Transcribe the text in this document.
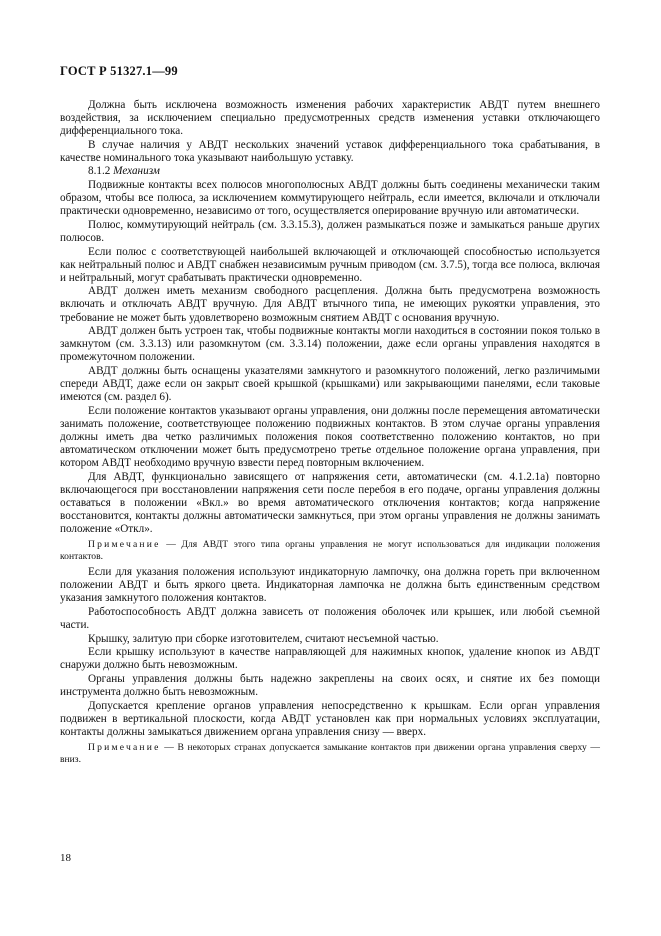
ГОСТ Р 51327.1—99

Должна быть исключена возможность изменения рабочих характеристик АВДТ путем внешнего воздействия, за исключением специально предусмотренных средств изменения уставки отключающего дифференциального тока.

В случае наличия у АВДТ нескольких значений уставок дифференциального тока срабатывания, в качестве номинального тока указывают наибольшую уставку.

8.1.2 Механизм

Подвижные контакты всех полюсов многополюсных АВДТ должны быть соединены механически таким образом, чтобы все полюса, за исключением коммутирующего нейтраль, если имеется, включали и отключали практически одновременно, независимо от того, осуществляется оперирование вручную или автоматически.

Полюс, коммутирующий нейтраль (см. 3.3.15.3), должен размыкаться позже и замыкаться раньше других полюсов.

Если полюс с соответствующей наибольшей включающей и отключающей способностью используется как нейтральный полюс и АВДТ снабжен независимым ручным приводом (см. 3.7.5), тогда все полюса, включая и нейтральный, могут срабатывать практически одновременно.

АВДТ должен иметь механизм свободного расцепления. Должна быть предусмотрена возможность включать и отключать АВДТ вручную. Для АВДТ втычного типа, не имеющих рукоятки управления, это требование не может быть удовлетворено возможным снятием АВДТ с основания вручную.

АВДТ должен быть устроен так, чтобы подвижные контакты могли находиться в состоянии покоя только в замкнутом (см. 3.3.13) или разомкнутом (см. 3.3.14) положении, даже если органы управления находятся в промежуточном положении.

АВДТ должны быть оснащены указателями замкнутого и разомкнутого положений, легко различимыми спереди АВДТ, даже если он закрыт своей крышкой (крышками) или закрывающими панелями, если таковые имеются (см. раздел 6).

Если положение контактов указывают органы управления, они должны после перемещения автоматически занимать положение, соответствующее положению подвижных контактов. В этом случае органы управления должны иметь два четко различимых положения покоя соответственно положению контактов, но при автоматическом отключении может быть предусмотрено третье отдельное положение органа управления, при котором АВДТ необходимо вручную взвести перед повторным включением.

Для АВДТ, функционально зависящего от напряжения сети, автоматически (см. 4.1.2.1а) повторно включающегося при восстановлении напряжения сети после перебоя в его подаче, органы управления должны оставаться в положении «Вкл.» во время автоматического отключения контактов; когда напряжение восстановится, контакты должны автоматически замкнуться, при этом органы управления не должны занимать положение «Откл».

Примечание — Для АВДТ этого типа органы управления не могут использоваться для индикации положения контактов.

Если для указания положения используют индикаторную лампочку, она должна гореть при включенном положении АВДТ и быть яркого цвета. Индикаторная лампочка не должна быть единственным средством указания замкнутого положения контактов.

Работоспособность АВДТ должна зависеть от положения оболочек или крышек, или любой съемной части.

Крышку, залитую при сборке изготовителем, считают несъемной частью.

Если крышку используют в качестве направляющей для нажимных кнопок, удаление кнопок из АВДТ снаружи должно быть невозможным.

Органы управления должны быть надежно закреплены на своих осях, и снятие их без помощи инструмента должно быть невозможным.

Допускается крепление органов управления непосредственно к крышкам. Если орган управления подвижен в вертикальной плоскости, когда АВДТ установлен как при нормальных условиях эксплуатации, контакты должны замыкаться движением органа управления снизу — вверх.

Примечание — В некоторых странах допускается замыкание контактов при движении органа управления сверху — вниз.

18
